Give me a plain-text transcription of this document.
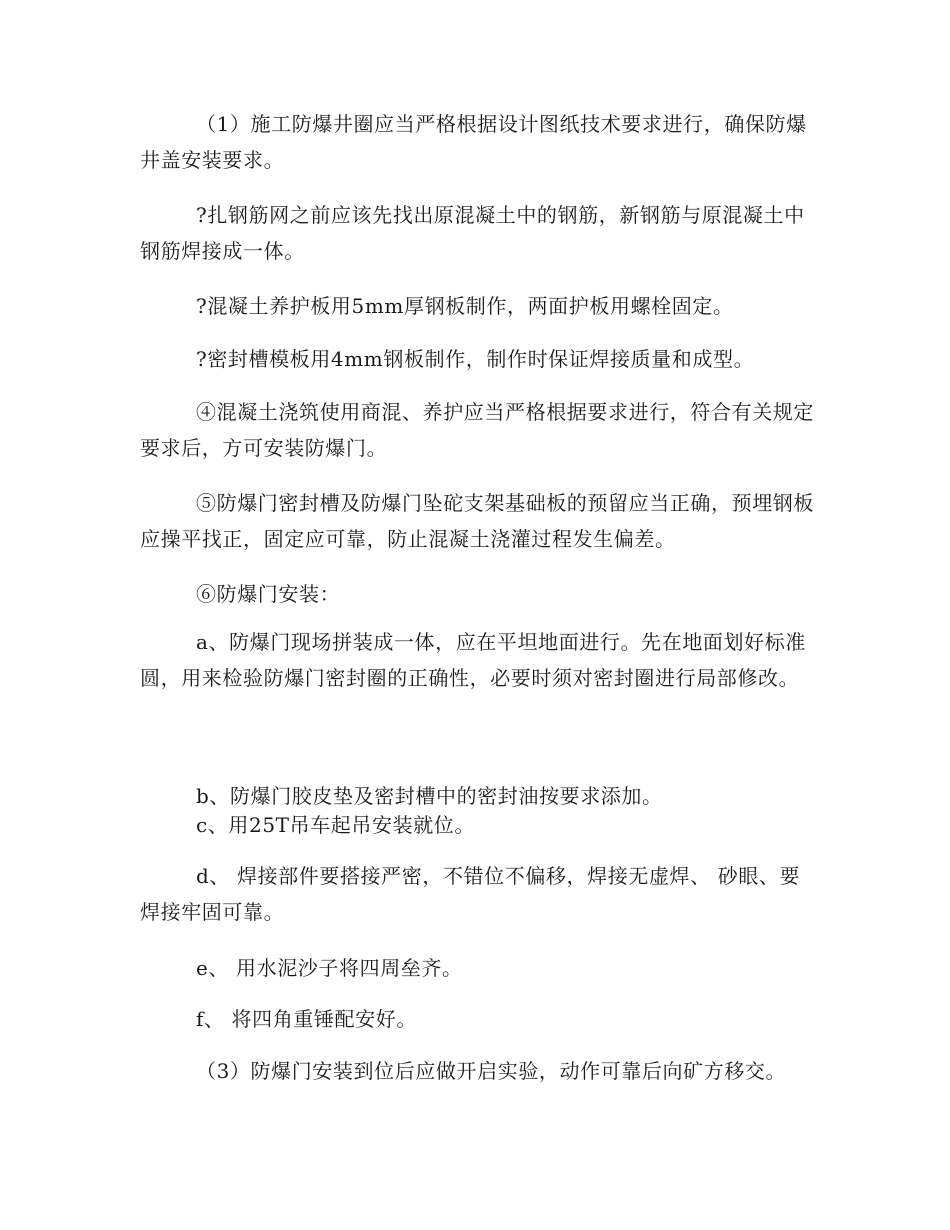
（1）施工防爆井圈应当严格根据设计图纸技术要求进行，确保防爆井盖安装要求。

?扎钢筋网之前应该先找出原混凝土中的钢筋，新钢筋与原混凝土中钢筋焊接成一体。

?混凝土养护板用5mm厚钢板制作，两面护板用螺栓固定。

?密封槽模板用4mm钢板制作，制作时保证焊接质量和成型。

④混凝土浇筑使用商混、养护应当严格根据要求进行，符合有关规定要求后，方可安装防爆门。

⑤防爆门密封槽及防爆门坠砣支架基础板的预留应当正确，预埋钢板应操平找正，固定应可靠，防止混凝土浇灌过程发生偏差。

⑥防爆门安装：

a、防爆门现场拼装成一体，应在平坦地面进行。先在地面划好标准圆，用来检验防爆门密封圈的正确性，必要时须对密封圈进行局部修改。

b、防爆门胶皮垫及密封槽中的密封油按要求添加。

c、用25T吊车起吊安装就位。

d、 焊接部件要搭接严密，不错位不偏移，焊接无虚焊、 砂眼、要焊接牢固可靠。

e、 用水泥沙子将四周垒齐。

f、 将四角重锤配安好。

（3）防爆门安装到位后应做开启实验，动作可靠后向矿方移交。
